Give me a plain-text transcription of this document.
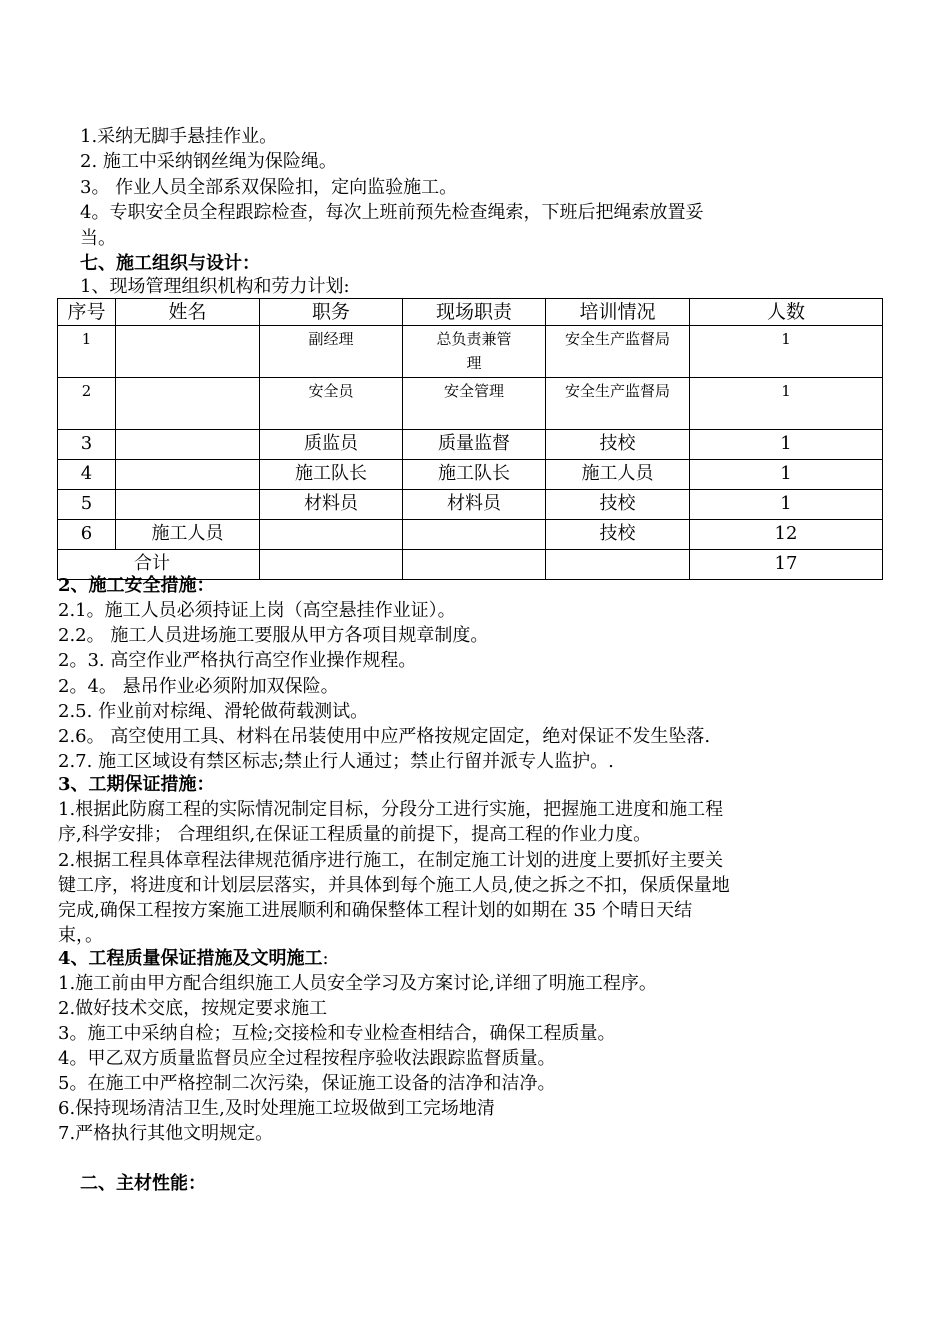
1.采纳无脚手悬挂作业。
2. 施工中采纳钢丝绳为保险绳。
3。 作业人员全部系双保险扣，定向监验施工。
4。专职安全员全程跟踪检查，每次上班前预先检查绳索，下班后把绳索放置妥
当。
七、施工组织与设计：
1、现场管理组织机构和劳力计划:
序号	姓名	职务	现场职责	培训情况	人数
1		副经理	总负责兼管理	安全生产监督局	1
2		安全员	安全管理	安全生产监督局	1
3		质监员	质量监督	技校	1
4		施工队长	施工队长	施工人员	1
5		材料员	材料员	技校	1
6	施工人员			技校	12
合计					17
2、施工安全措施：
2.1。施工人员必须持证上岗（高空悬挂作业证）。
2.2。 施工人员进场施工要服从甲方各项目规章制度。
2。3. 高空作业严格执行高空作业操作规程。
2。4。 悬吊作业必须附加双保险。
2.5. 作业前对棕绳、滑轮做荷载测试。
2.6。 高空使用工具、材料在吊装使用中应严格按规定固定，绝对保证不发生坠落.
2.7. 施工区域设有禁区标志;禁止行人通过；禁止行留并派专人监护。.
3、工期保证措施：
1.根据此防腐工程的实际情况制定目标，分段分工进行实施，把握施工进度和施工程
序,科学安排； 合理组织,在保证工程质量的前提下，提高工程的作业力度。
2.根据工程具体章程法律规范循序进行施工，在制定施工计划的进度上要抓好主要关
键工序，将进度和计划层层落实，并具体到每个施工人员,使之拆之不扣，保质保量地
完成,确保工程按方案施工进展顺利和确保整体工程计划的如期在 35 个晴日天结
束，。
4、工程质量保证措施及文明施工:
1.施工前由甲方配合组织施工人员安全学习及方案讨论,详细了明施工程序。
2.做好技术交底，按规定要求施工
3。施工中采纳自检；互检;交接检和专业检查相结合，确保工程质量。
4。甲乙双方质量监督员应全过程按程序验收法跟踪监督质量。
5。在施工中严格控制二次污染，保证施工设备的洁净和洁净。
6.保持现场清洁卫生,及时处理施工垃圾做到工完场地清
7.严格执行其他文明规定。
二、主材性能：
